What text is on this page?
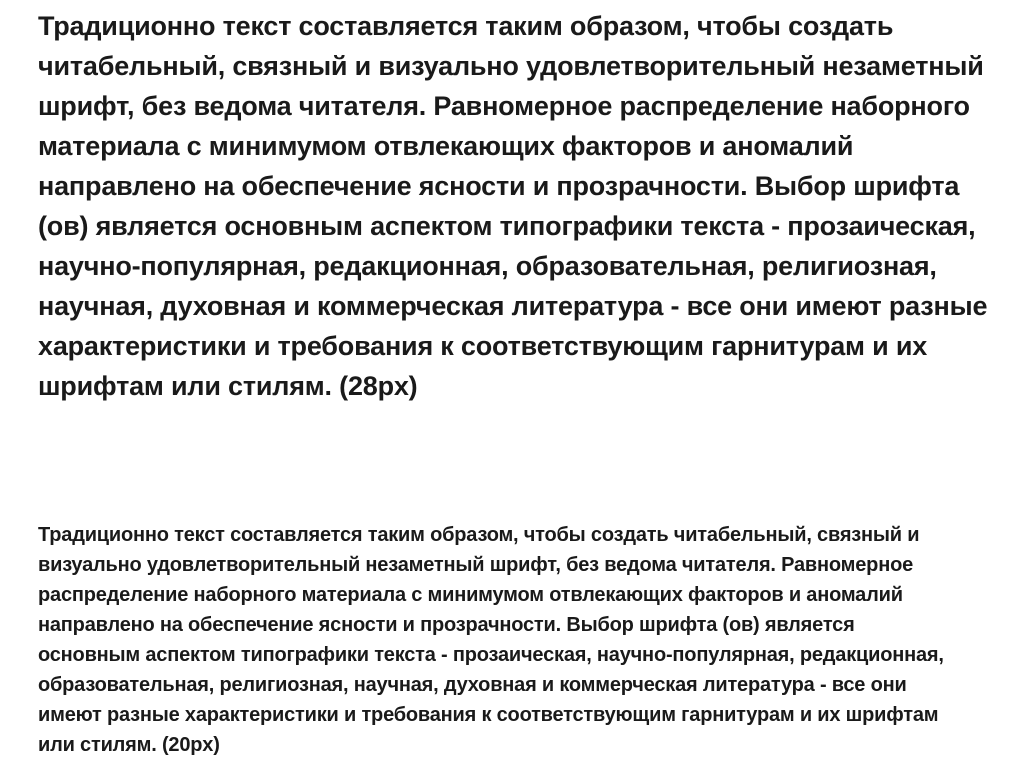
Традиционно текст составляется таким образом, чтобы создать читабельный, связный и визуально удовлетворительный незаметный шрифт, без ведома читателя. Равномерное распределение наборного материала с минимумом отвлекающих факторов и аномалий направлено на обеспечение ясности и прозрачности. Выбор шрифта (ов) является основным аспектом типографики текста - прозаическая, научно-популярная, редакционная, образовательная, религиозная, научная, духовная и коммерческая литература - все они имеют разные характеристики и требования к соответствующим гарнитурам и их шрифтам или стилям. (28px)

Традиционно текст составляется таким образом, чтобы создать читабельный, связный и визуально удовлетворительный незаметный шрифт, без ведома читателя. Равномерное распределение наборного материала с минимумом отвлекающих факторов и аномалий направлено на обеспечение ясности и прозрачности. Выбор шрифта (ов) является основным аспектом типографики текста - прозаическая, научно-популярная, редакционная, образовательная, религиозная, научная, духовная и коммерческая литература - все они имеют разные характеристики и требования к соответствующим гарнитурам и их шрифтам или стилям. (20px)
